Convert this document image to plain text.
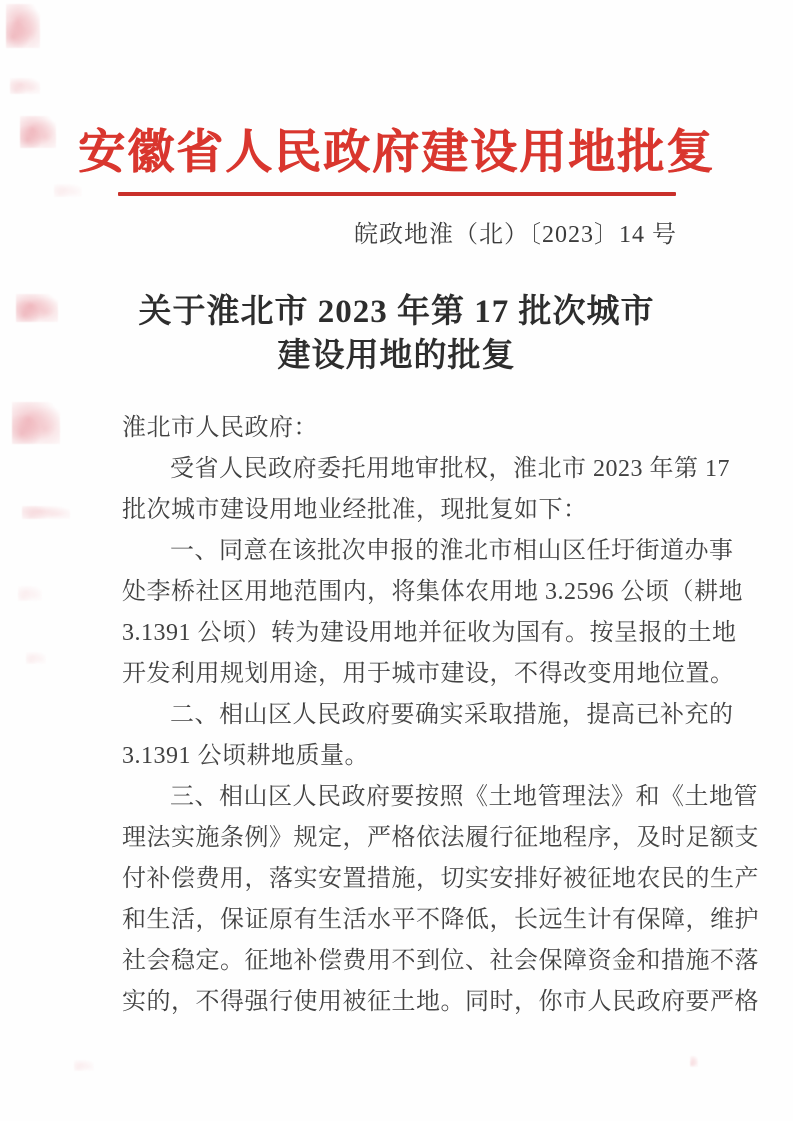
安徽省人民政府建设用地批复
皖政地淮（北）〔2023〕14 号
关于淮北市 2023 年第 17 批次城市
建设用地的批复
淮北市人民政府：
受省人民政府委托用地审批权，淮北市 2023 年第 17
批次城市建设用地业经批准，现批复如下：
一、同意在该批次申报的淮北市相山区任圩街道办事
处李桥社区用地范围内，将集体农用地 3.2596 公顷（耕地
3.1391 公顷）转为建设用地并征收为国有。按呈报的土地
开发利用规划用途，用于城市建设，不得改变用地位置。
二、相山区人民政府要确实采取措施，提高已补充的
3.1391 公顷耕地质量。
三、相山区人民政府要按照《土地管理法》和《土地管
理法实施条例》规定，严格依法履行征地程序，及时足额支
付补偿费用，落实安置措施，切实安排好被征地农民的生产
和生活，保证原有生活水平不降低，长远生计有保障，维护
社会稳定。征地补偿费用不到位、社会保障资金和措施不落
实的，不得强行使用被征土地。同时，你市人民政府要严格
